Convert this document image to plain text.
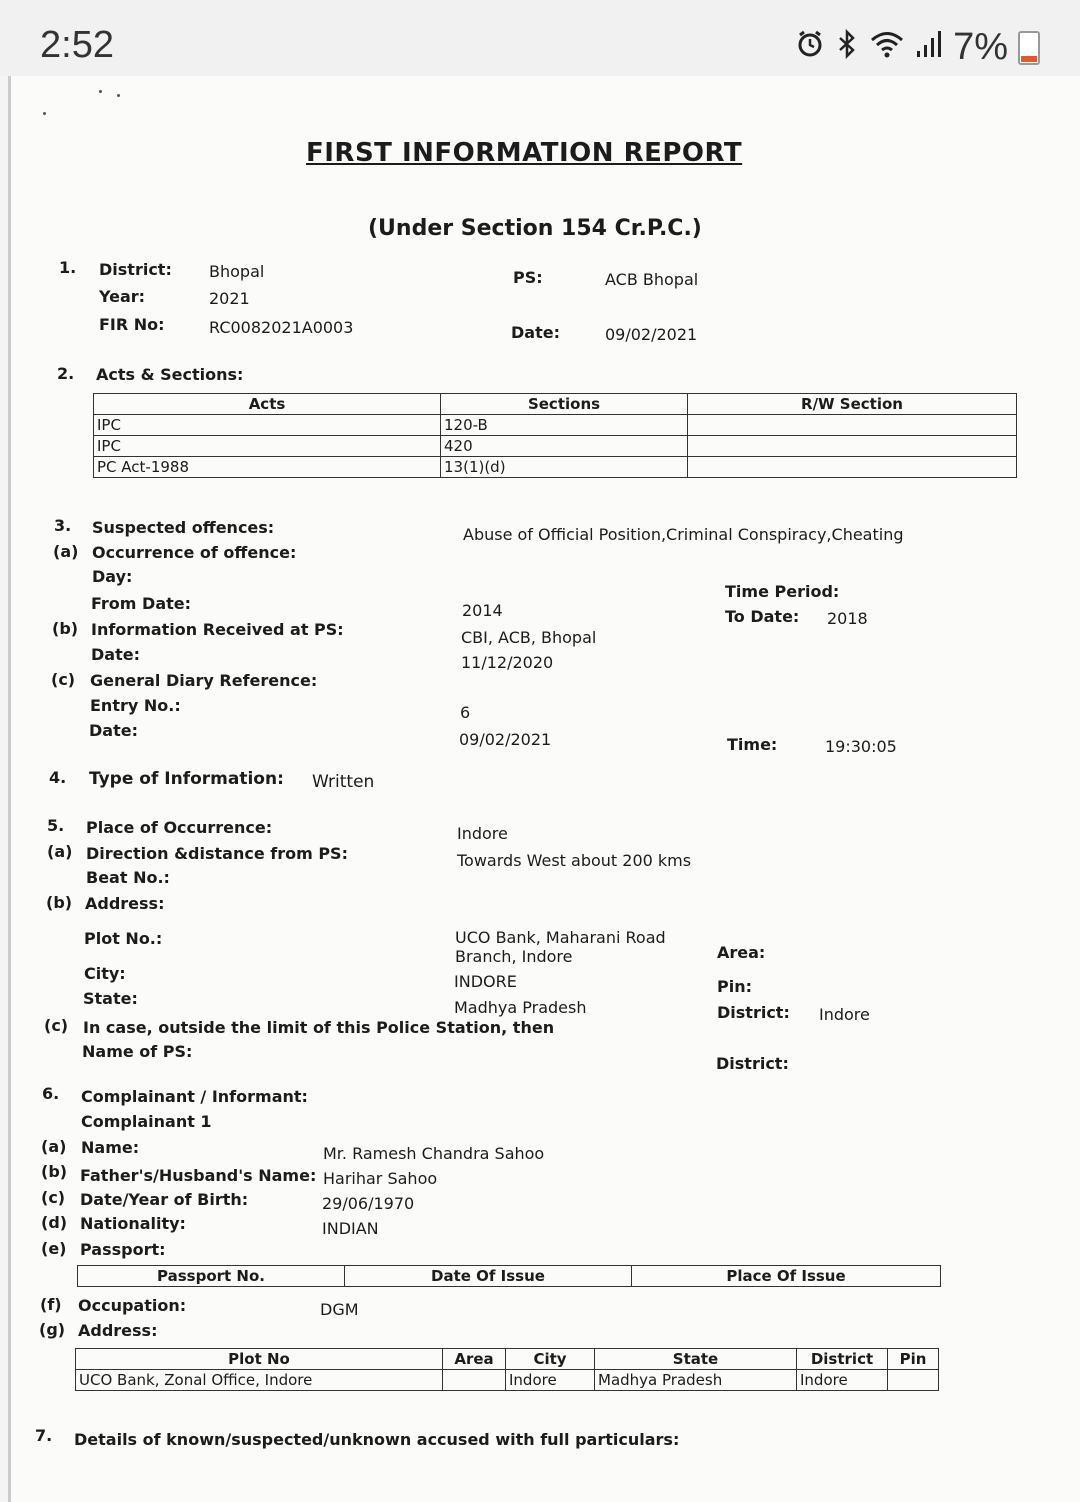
2:52	7%
FIRST INFORMATION REPORT
(Under Section 154 Cr.P.C.)
1. District: Bhopal
Year:	2021
FIR No:	RC0082021A0003
PS:	ACB Bhopal
Date:	09/02/2021
2. Acts & Sections:
Acts	Sections	R/W Section
IPC	120-B	
IPC	420	
PC Act-1988	13(1)(d)	
3. Suspected offences:	Abuse of Official Position,Criminal Conspiracy,Cheating
(a) Occurrence of offence:
Day:
From Date:	2014
Time Period:
To Date: 2018
(b) Information Received at PS:	CBI, ACB, Bhopal
Date:	11/12/2020
(c) General Diary Reference:
Entry No.:	6
Date:	09/02/2021	Time:	19:30:05
4. Type of Information: Written
5. Place of Occurrence:	Indore
(a) Direction &distance from PS:	Towards West about 200 kms
Beat No.:
(b) Address:
Plot No.:	UCO Bank, Maharani Road
Branch, Indore	Area:
City:	INDORE	Pin:
State:	Madhya Pradesh	District: Indore
(c) In case, outside the limit of this Police Station, then
Name of PS:
District:
6. Complainant / Informant:
Complainant 1
(a) Name:	Mr. Ramesh Chandra Sahoo
(b) Father's/Husband's Name: Harihar Sahoo
(c) Date/Year of Birth:	29/06/1970
(d) Nationality:	INDIAN
(e) Passport:
Passport No.	Date Of Issue	Place Of Issue
(f) Occupation:	DGM
(g) Address:
Plot No	Area	City	State	District	Pin
UCO Bank, Zonal Office, Indore		Indore	Madhya Pradesh	Indore	
7. Details of known/suspected/unknown accused with full particulars:
